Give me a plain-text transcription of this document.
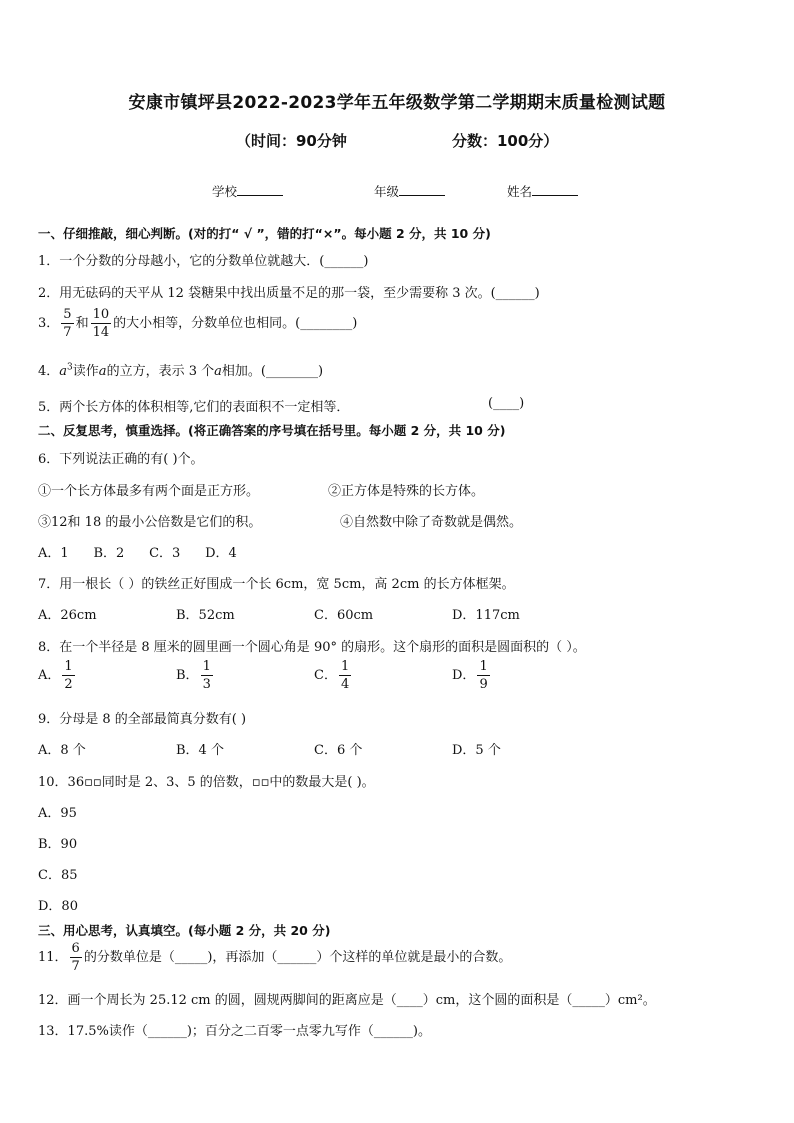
安康市镇坪县2022-2023学年五年级数学第二学期期末质量检测试题
（时间：90分钟	分数：100分）
学校	年级	姓名
一、仔细推敲，细心判断。(对的打“ √ ”，错的打“×”。每小题 2 分，共 10 分)
1．一个分数的分母越小，它的分数单位就越大．(______)
2．用无砝码的天平从 12 袋糖果中找出质量不足的那一袋，至少需要称 3 次。(______)
3． $\frac{5}{7}$ 和 $\frac{10}{14}$ 的大小相等，分数单位也相同。(________)
4．$a^3$读作a的立方，表示 3 个a相加。(________)
5．两个长方体的体积相等,它们的表面积不一定相等．	(____)
二、反复思考，慎重选择。(将正确答案的序号填在括号里。每小题 2 分，共 10 分)
6．下列说法正确的有( )个。
①一个长方体最多有两个面是正方形。	②正方体是特殊的长方体。
③12和 18 的最小公倍数是它们的积。	④自然数中除了奇数就是偶然。
A．1      B．2      C．3      D．4
7．用一根长（ ）的铁丝正好围成一个长 6cm，宽 5cm，高 2cm 的长方体框架。
A．26cm	B．52cm	C．60cm	D．117cm
8．在一个半径是 8 厘米的圆里画一个圆心角是 90° 的扇形。这个扇形的面积是圆面积的（ ）。
A． $\frac{1}{2}$	B． $\frac{1}{3}$	C． $\frac{1}{4}$	D． $\frac{1}{9}$
9．分母是 8 的全部最简真分数有( )
A．8 个	B．4 个	C．6 个	D．5 个
10．36▫▫同时是 2、3、5 的倍数，▫▫中的数最大是( )。
A．95
B．90
C．85
D．80
三、用心思考，认真填空。(每小题 2 分，共 20 分)
11． $\frac{6}{7}$ 的分数单位是（_____)，再添加（______）个这样的单位就是最小的合数。
12．画一个周长为 25.12 cm 的圆，圆规两脚间的距离应是（____）cm，这个圆的面积是（_____）cm²。
13．17.5%读作（______)；百分之二百零一点零九写作（______)。
